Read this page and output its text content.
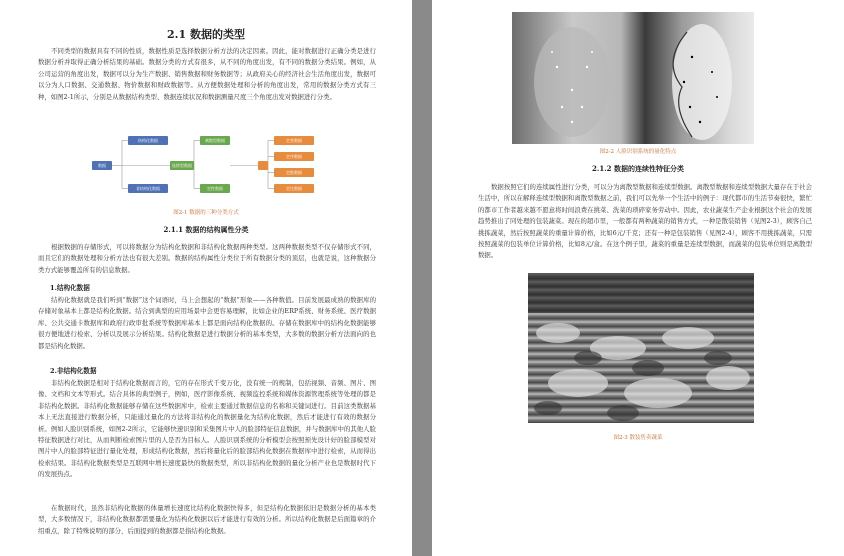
2.1 数据的类型

不同类型的数据具有不同的性质，数据性质是选择数据分析方法的决定因素。因此，能对数据进行正确分类是进行数据分析并取得正确分析结果的基础。数据分类的方式有很多，从不同的角度出发，有不同的数据分类结果。例如，从公司运营的角度出发，数据可以分为生产数据、销售数据和财务数据等；从政府关心的经济社会生活角度出发，数据可以分为人口数据、交通数据、物价数据和财政数据等。从方便数据处理和分析的角度出发，常用的数据分类方式有三种，如图2-1所示，分别是从数据结构类型、数据连续状况和数据测量尺度三个角度出发对数据进行分类。

数据
结构化数据
非结构化数据
离散型数据
连续型数据
定性数据
定类数据
定序数据
定距数据
定比数据
图2-1 数据的三种分类方式
2.1.1 数据的结构属性分类

根据数据的存储形式，可以将数据分为结构化数据和非结构化数据两种类型。这两种数据类型不仅存储形式不同，而且它们的数据处理和分析方法也有很大差别。数据的结构属性分类位于所有数据分类的顶层，也就是说，这种数据分类方式能够覆盖所有的信息数据。

1.结构化数据

结构化数据就是我们听到“数据”这个词语时，马上会想起的“数据”形象——各种数值。目前发展最成熟的数据库的存储对象基本上都是结构化数据。结合到典型的应用场景中会更容易理解，比如企业的ERP系统、财务系统、医疗数据库、公共交通卡数据库和政府行政审批系统等数据库基本上都是面向结构化数据的。存储在数据库中的结构化数据能够很方便地进行检索、分析以及展示分析结果。结构化数据是进行数据分析的基本类型，大多数的数据分析方法面向的也都是结构化数据。

2.非结构化数据

非结构化数据是相对于结构化数据而言的，它的存在形式千变万化，没有统一的规制，包括视频、音频、图片、图像、文档和文本等形式。结合具体的典型例子，例如，医疗影像系统、视频监控系统和媒体资源管理系统等处理的都是非结构化数据。非结构化数据能够存储在这些数据库中，检索主要通过数据信息的名称和关键词进行。目前这类数据基本上无法直接进行数据分析，只能通过量化的方法将非结构化的数据量化为结构化数据，然后才能进行有效的数据分析。例如人脸识别系统，如图2-2所示，它能够快速识别和采集图片中人的脸部特征信息数据，并与数据库中的其他人脸特征数据进行对比，从而判断检索图片里的人是否为目标人。人脸识别系统的分析模型会按照预先设计好的脸部模型对图片中人的脸部特征进行量化处理，形成结构化数据，然后将量化后的脸部结构化数据在数据库中进行检索，从而得出检索结果。非结构化数据类型是互联网中增长速度最快的数据类型，所以非结构化数据的量化分析产业也是数据时代下的发展热点。

在数据时代，虽然非结构化数据的体量增长速度比结构化数据快得多，但是结构化数据依旧是数据分析的基本类型，大多数情况下，非结构化数据都需要量化为结构化数据以后才能进行有效的分析。所以结构化数据是后面篇章的介绍重点，除了特殊说明的部分，后面提到的数据都是指结构化数据。

图2-2 人脸识别系统的量化特点
2.1.2 数据的连续性特征分类

数据按照它们的连续属性进行分类，可以分为离散型数据和连续型数据。离散型数据和连续型数据大量存在于社会生活中，所以在解释连续型数据和离散型数据之前，我们可以先举一个生活中的例子：现代都市的生活节奏很快，繁忙的都市工作者越来越不愿意将时间浪费在挑菜、洗菜的琐碎家务劳动中。因此，农业蔬菜生产企业根据这个社会的发展趋势推出了同处理的包装蔬菜。现在的超市里，一般都有两种蔬菜的销售方式，一种是散装销售（见图2-3），顾客自己挑拣蔬菜，然后按照蔬菜的重量计算价格，比如6元/千克；还有一种是包装销售（见图2-4），顾客不用挑拣蔬菜，只需按照蔬菜的包装单位计算价格，比如8元/盒。在这个例子里，蔬菜的重量是连续型数据，而蔬菜的包装单位则是离散型数据。

图2-3 散装售卖蔬菜
